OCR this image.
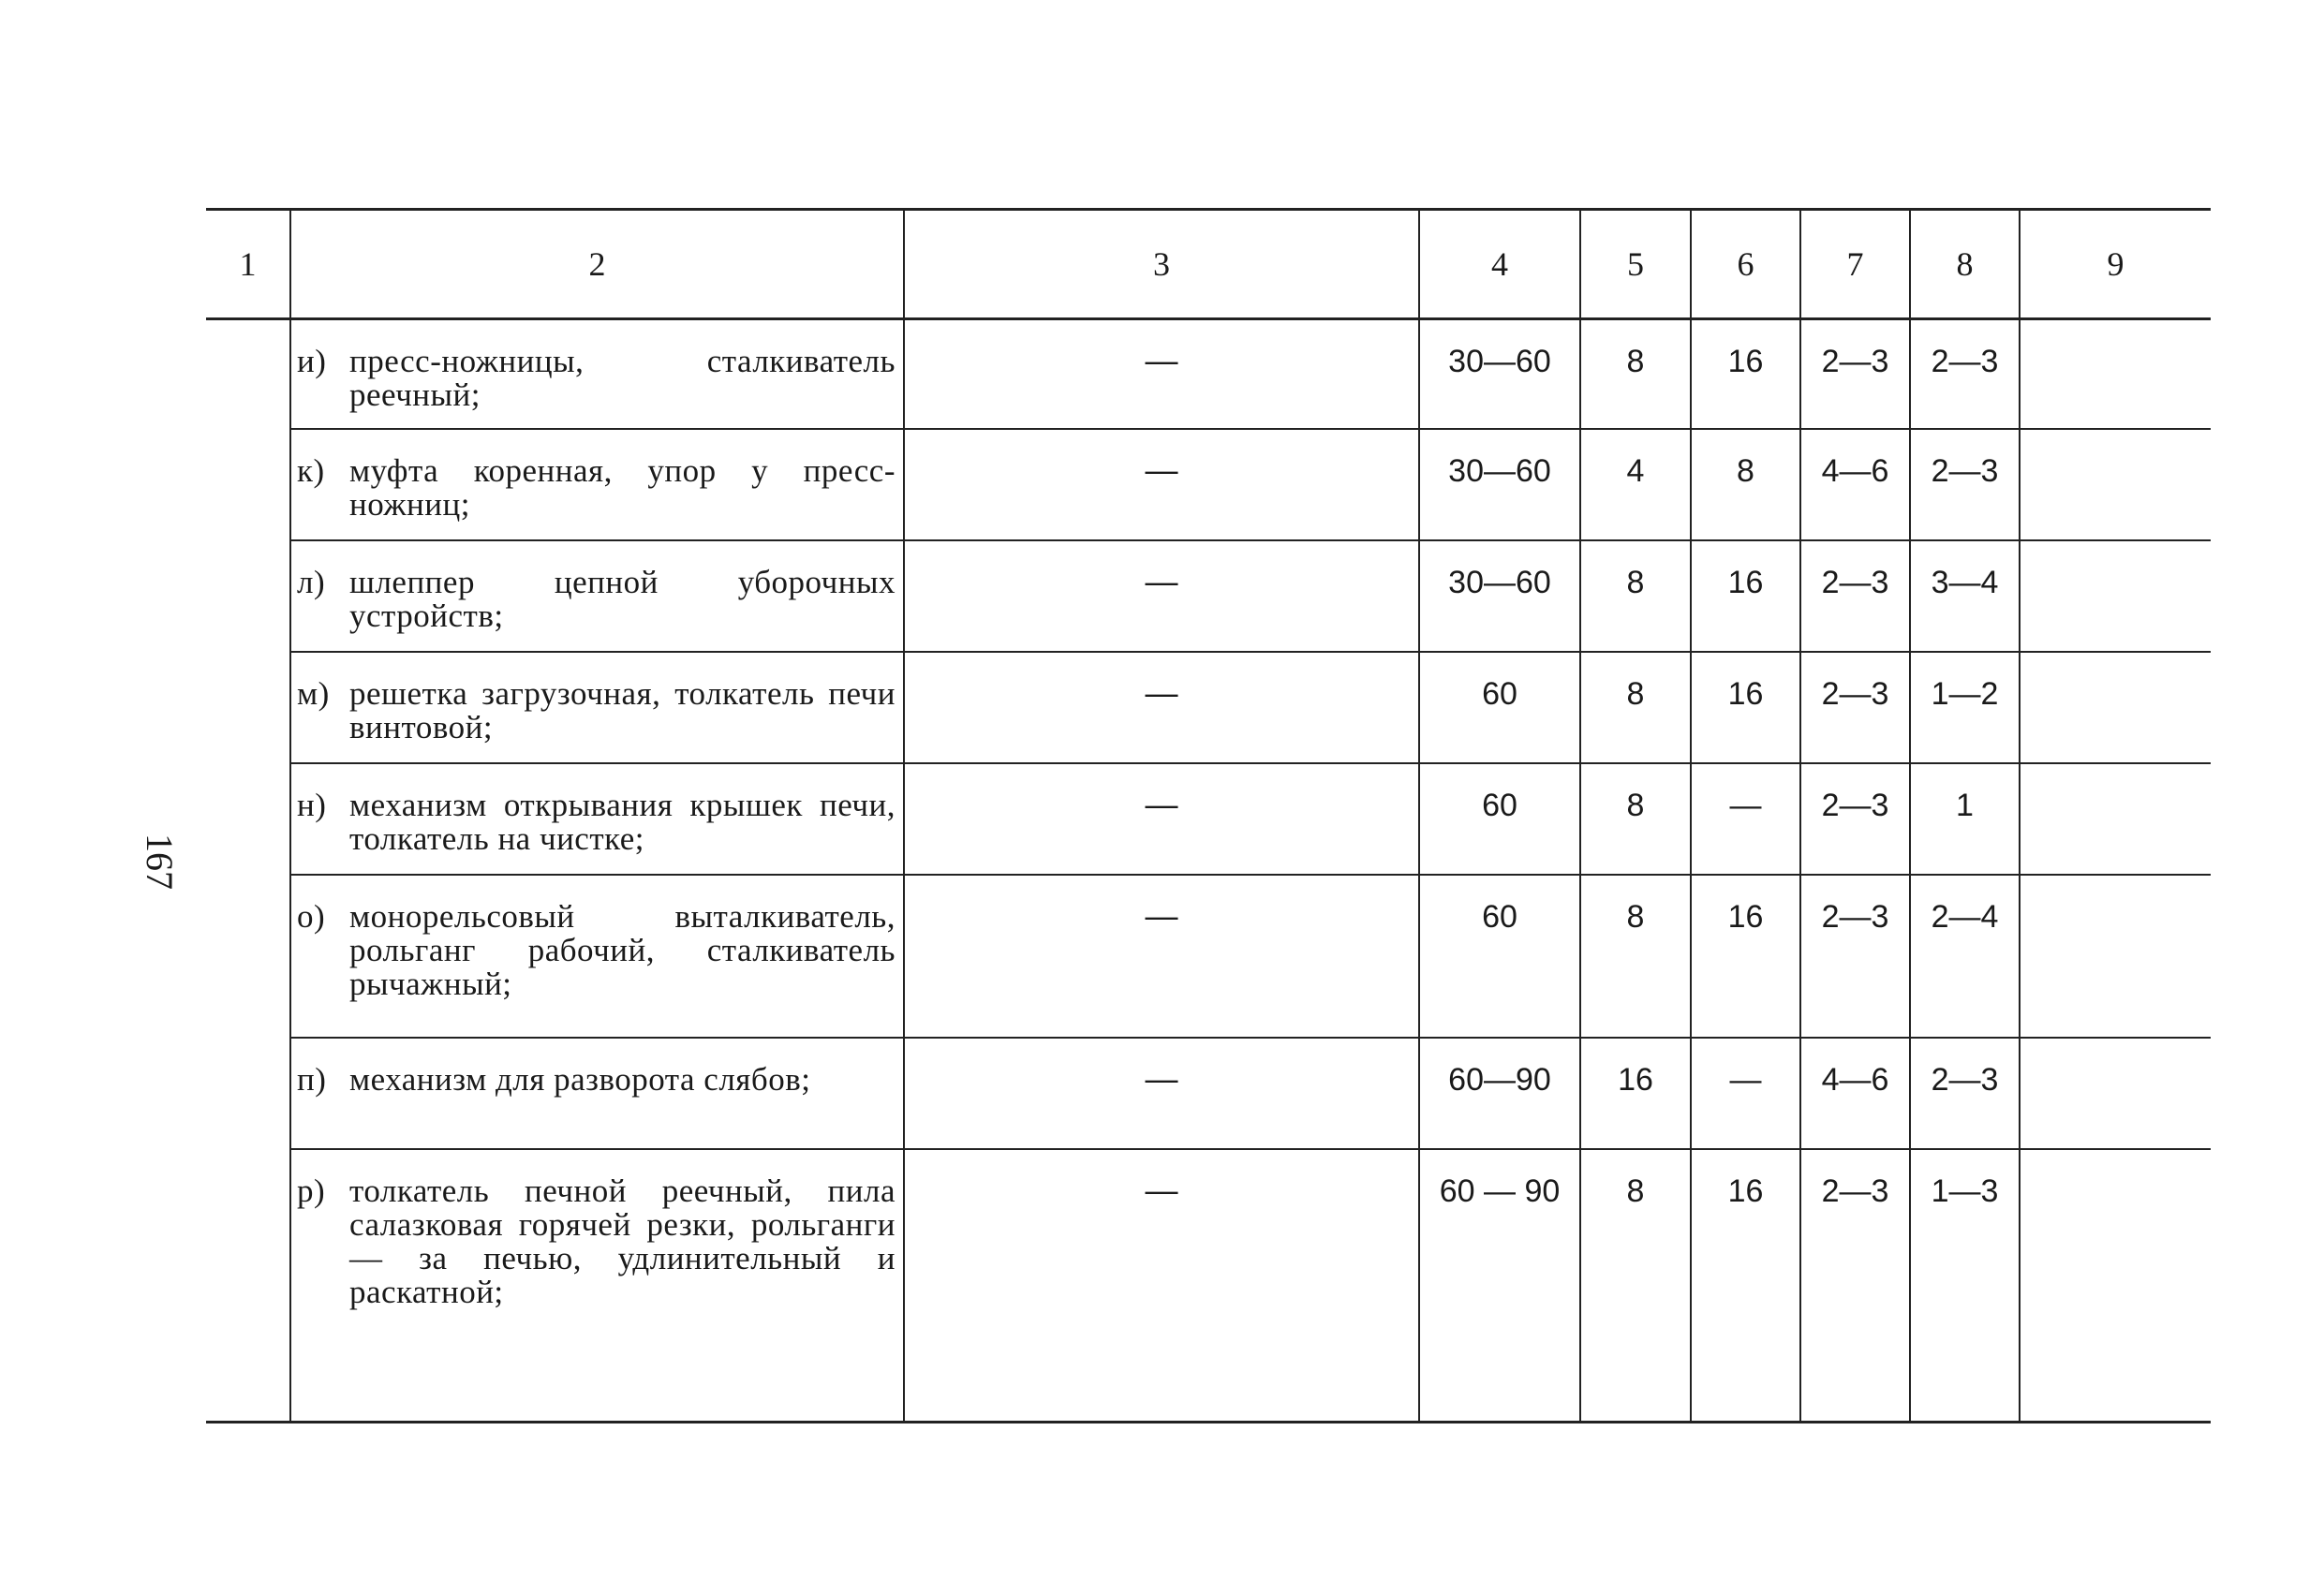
167
1	2	3	4	5	6	7	8	9
	и) пресс-ножницы, сталкиватель реечный;	—	30—60	8	16	2—3	2—3	
	к) муфта коренная, упор у пресс-ножниц;	—	30—60	4	8	4—6	2—3	
	л) шлеппер цепной уборочных устройств;	—	30—60	8	16	2—3	3—4	
	м) решетка загрузочная, толкатель печи винтовой;	—	60	8	16	2—3	1—2	
	н) механизм открывания крышек печи, толкатель на чистке;	—	60	8	—	2—3	1	
	о) монорельсовый выталкиватель, рольганг рабочий, сталкиватель рычажный;	—	60	8	16	2—3	2—4	
	п) механизм для разворота слябов;	—	60—90	16	—	4—6	2—3	
	р) толкатель печной реечный, пила салазковая горячей резки, рольганги — за печью, удлинительный и раскатной;	—	60 — 90	8	16	2—3	1—3	
